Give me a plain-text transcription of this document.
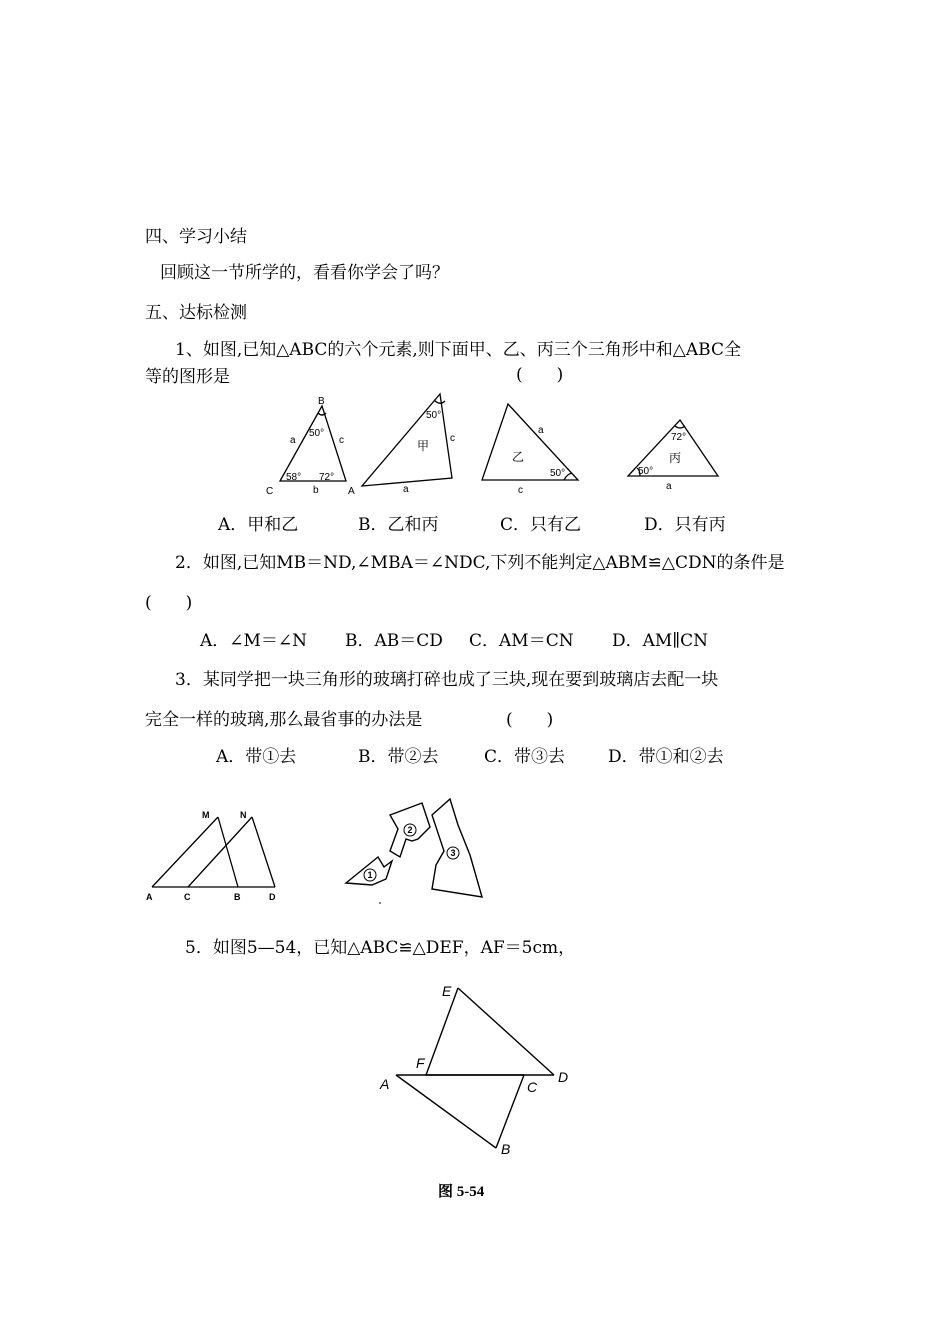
四、学习小结
回顾这一节所学的，看看你学会了吗？
五、达标检测
1、如图,已知△ABC的六个元素,则下面甲、乙、丙三个三角形中和△ABC全
等的图形是	(　　)
B
50°
a	c
58° 72°
C	b	A
50°
甲
c
a
a
乙
50°
c
72°
丙
50°
a
A．甲和乙	B．乙和丙	C．只有乙	D．只有丙
2．如图,已知MB＝ND,∠MBA＝∠NDC,下列不能判定△ABM≌△CDN的条件是
(　　)
A．∠M＝∠N B．AB＝CD C．AM＝CN D．AM∥CN
3．某同学把一块三角形的玻璃打碎也成了三块,现在要到玻璃店去配一块
完全一样的玻璃,那么最省事的办法是	(　　)
A．带①去	B．带②去	C．带③去	D．带①和②去
M	N
A	C	B	D
1
2
3
5．如图5—54，已知△ABC≌△DEF，AF＝5cm，
E
F
A	C
D
B
图 5-54
